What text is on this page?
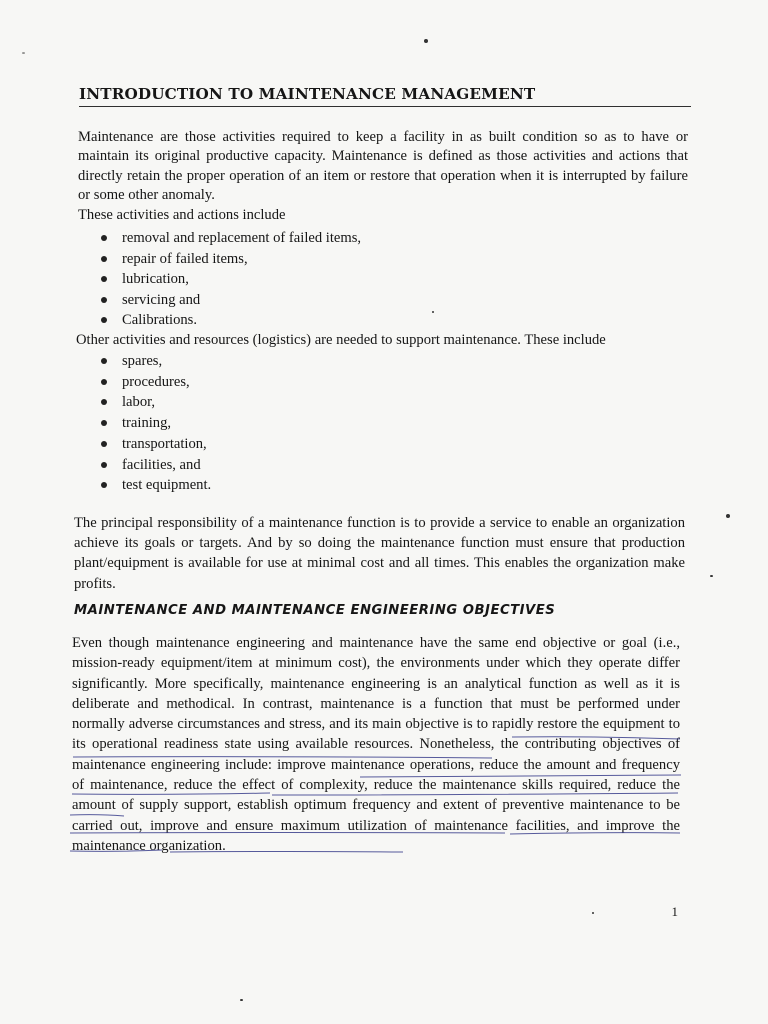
INTRODUCTION TO MAINTENANCE MANAGEMENT

Maintenance are those activities required to keep a facility in as built condition so as to have or maintain its original productive capacity. Maintenance is defined as those activities and actions that directly retain the proper operation of an item or restore that operation when it is interrupted by failure or some other anomaly.

These activities and actions include

removal and replacement of failed items,
repair of failed items,
lubrication,
servicing and
Calibrations.

Other activities and resources (logistics) are needed to support maintenance. These include

spares,
procedures,
labor,
training,
transportation,
facilities, and
test equipment.

The principal responsibility of a maintenance function is to provide a service to enable an organization achieve its goals or targets. And by so doing the maintenance function must ensure that production plant/equipment is available for use at minimal cost and all times. This enables the organization make profits.

MAINTENANCE AND MAINTENANCE ENGINEERING OBJECTIVES

Even though maintenance engineering and maintenance have the same end objective or goal (i.e., mission-ready equipment/item at minimum cost), the environments under which they operate differ significantly. More specifically, maintenance engineering is an analytical function as well as it is deliberate and methodical. In contrast, maintenance is a function that must be performed under normally adverse circumstances and stress, and its main objective is to rapidly restore the equipment to its operational readiness state using available resources. Nonetheless, the contributing objectives of maintenance engineering include: improve maintenance operations, reduce the amount and frequency of maintenance, reduce the effect of complexity, reduce the maintenance skills required, reduce the amount of supply support, establish optimum frequency and extent of preventive maintenance to be carried out, improve and ensure maximum utilization of maintenance facilities, and improve the maintenance organization.

1
